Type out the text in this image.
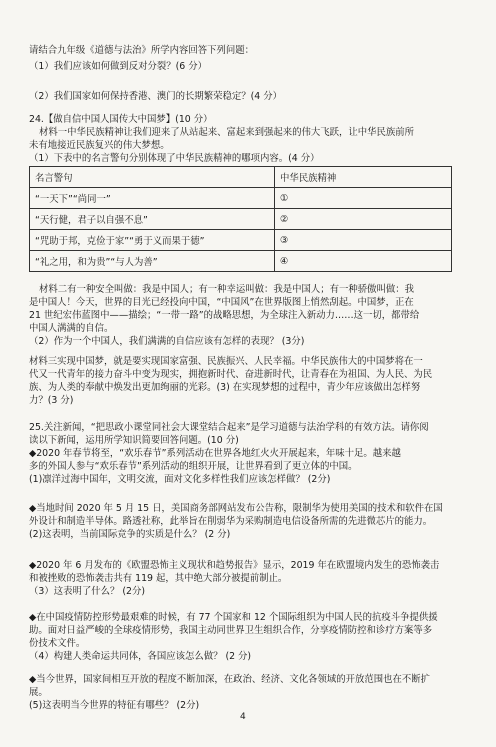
请结合九年级《道德与法治》所学内容回答下列问题：
（1）我们应该如何做到反对分裂？(6 分）
（2）我们国家如何保持香港、澳门的长期繁荣稳定？(4 分）
24.【做自信中国人国传大中国梦】(10 分）
材料一中华民族精神让我们迎来了从站起来、富起来到强起来的伟大飞跃，让中华民族前所
未有地接近民族复兴的伟大梦想。
（1）下表中的名言警句分别体现了中华民族精神的哪项内容。(4 分）
名言警句	中华民族精神
“一天下”“尚同一”	①
“天行健，君子以自强不息”	②
“咒助于邦，克俭于家”“勇于义而果于德”	③
“礼之用，和为贵”“与人为善”	④
材料二有一种安全叫做：我是中国人；有一种幸运叫做：我是中国人；有一种骄傲叫做：我
是中国人！今天，世界的目光已经投向中国，“中国风”在世界版图上悄然刮起。中国梦，正在
21 世纪宏伟蓝图中——描绘；“一带一路”的战略思想，为全球注入新动力……这一切，都带给
中国人满满的自信。
（2）作为一个中国人，我们满满的自信应该有怎样的表现？ (3分)
材料三实现中国梦，就是要实现国家富强、民族振兴、人民幸福。中华民族伟大的中国梦将在一
代又一代青年的接力奋斗中变为现实，拥抱新时代、奋进新时代，让青春在为祖国、为人民、为民
族、为人类的奉献中焕发出更加绚丽的光彩。(3) 在实现梦想的过程中，青少年应该做出怎样努
力？(3 分)
25.关注新闻，“把思政小课堂同社会大课堂结合起来”是学习道德与法治学科的有效方法。请你阅
读以下新闻，运用所学知识简要回答问题。(10 分)
◆2020 年春节将至，“欢乐春节”系列活动在世界各地红火火开展起来，年味十足。越来越
多的外国人参与“欢乐春节”系列活动的组织开展，让世界看到了更立体的中国。
(1)凛洋过海中国年，文明交流，面对文化多样性我们应该怎样做？ (2分)
◆当地时间 2020 年 5 月 15 日，美国商务部网站发布公告称，限制华为使用美国的技术和软件在国
外设计和制造半导体。路透社称，此举旨在削弱华为采购制造电信设备所需的先进微芯片的能力。
(2)这表明，当前国际竞争的实质是什么？ (2 分)
◆2020 年 6 月发布的《欧盟恐怖主义现状和趋势报告》显示，2019 年在欧盟境内发生的恐怖袭击
和被挫败的恐怖袭击共有 119 起，其中绝大部分被提前制止。
（3）这表明了什么？ (2分)
◆在中国疫情防控形势最艰难的时候，有 77 个国家和 12 个国际组织为中国人民的抗疫斗争提供援
助。面对日益严峻的全球疫情形势，我国主动同世界卫生组织合作，分享疫情防控和诊疗方案等多
份技术文件。
（4）构建人类命运共同体，各国应该怎么做？ (2 分)
◆当今世界，国家间相互开放的程度不断加深，在政治、经济、文化各领域的开放范围也在不断扩
展。
(5)这表明当今世界的特征有哪些？ (2分)
4
